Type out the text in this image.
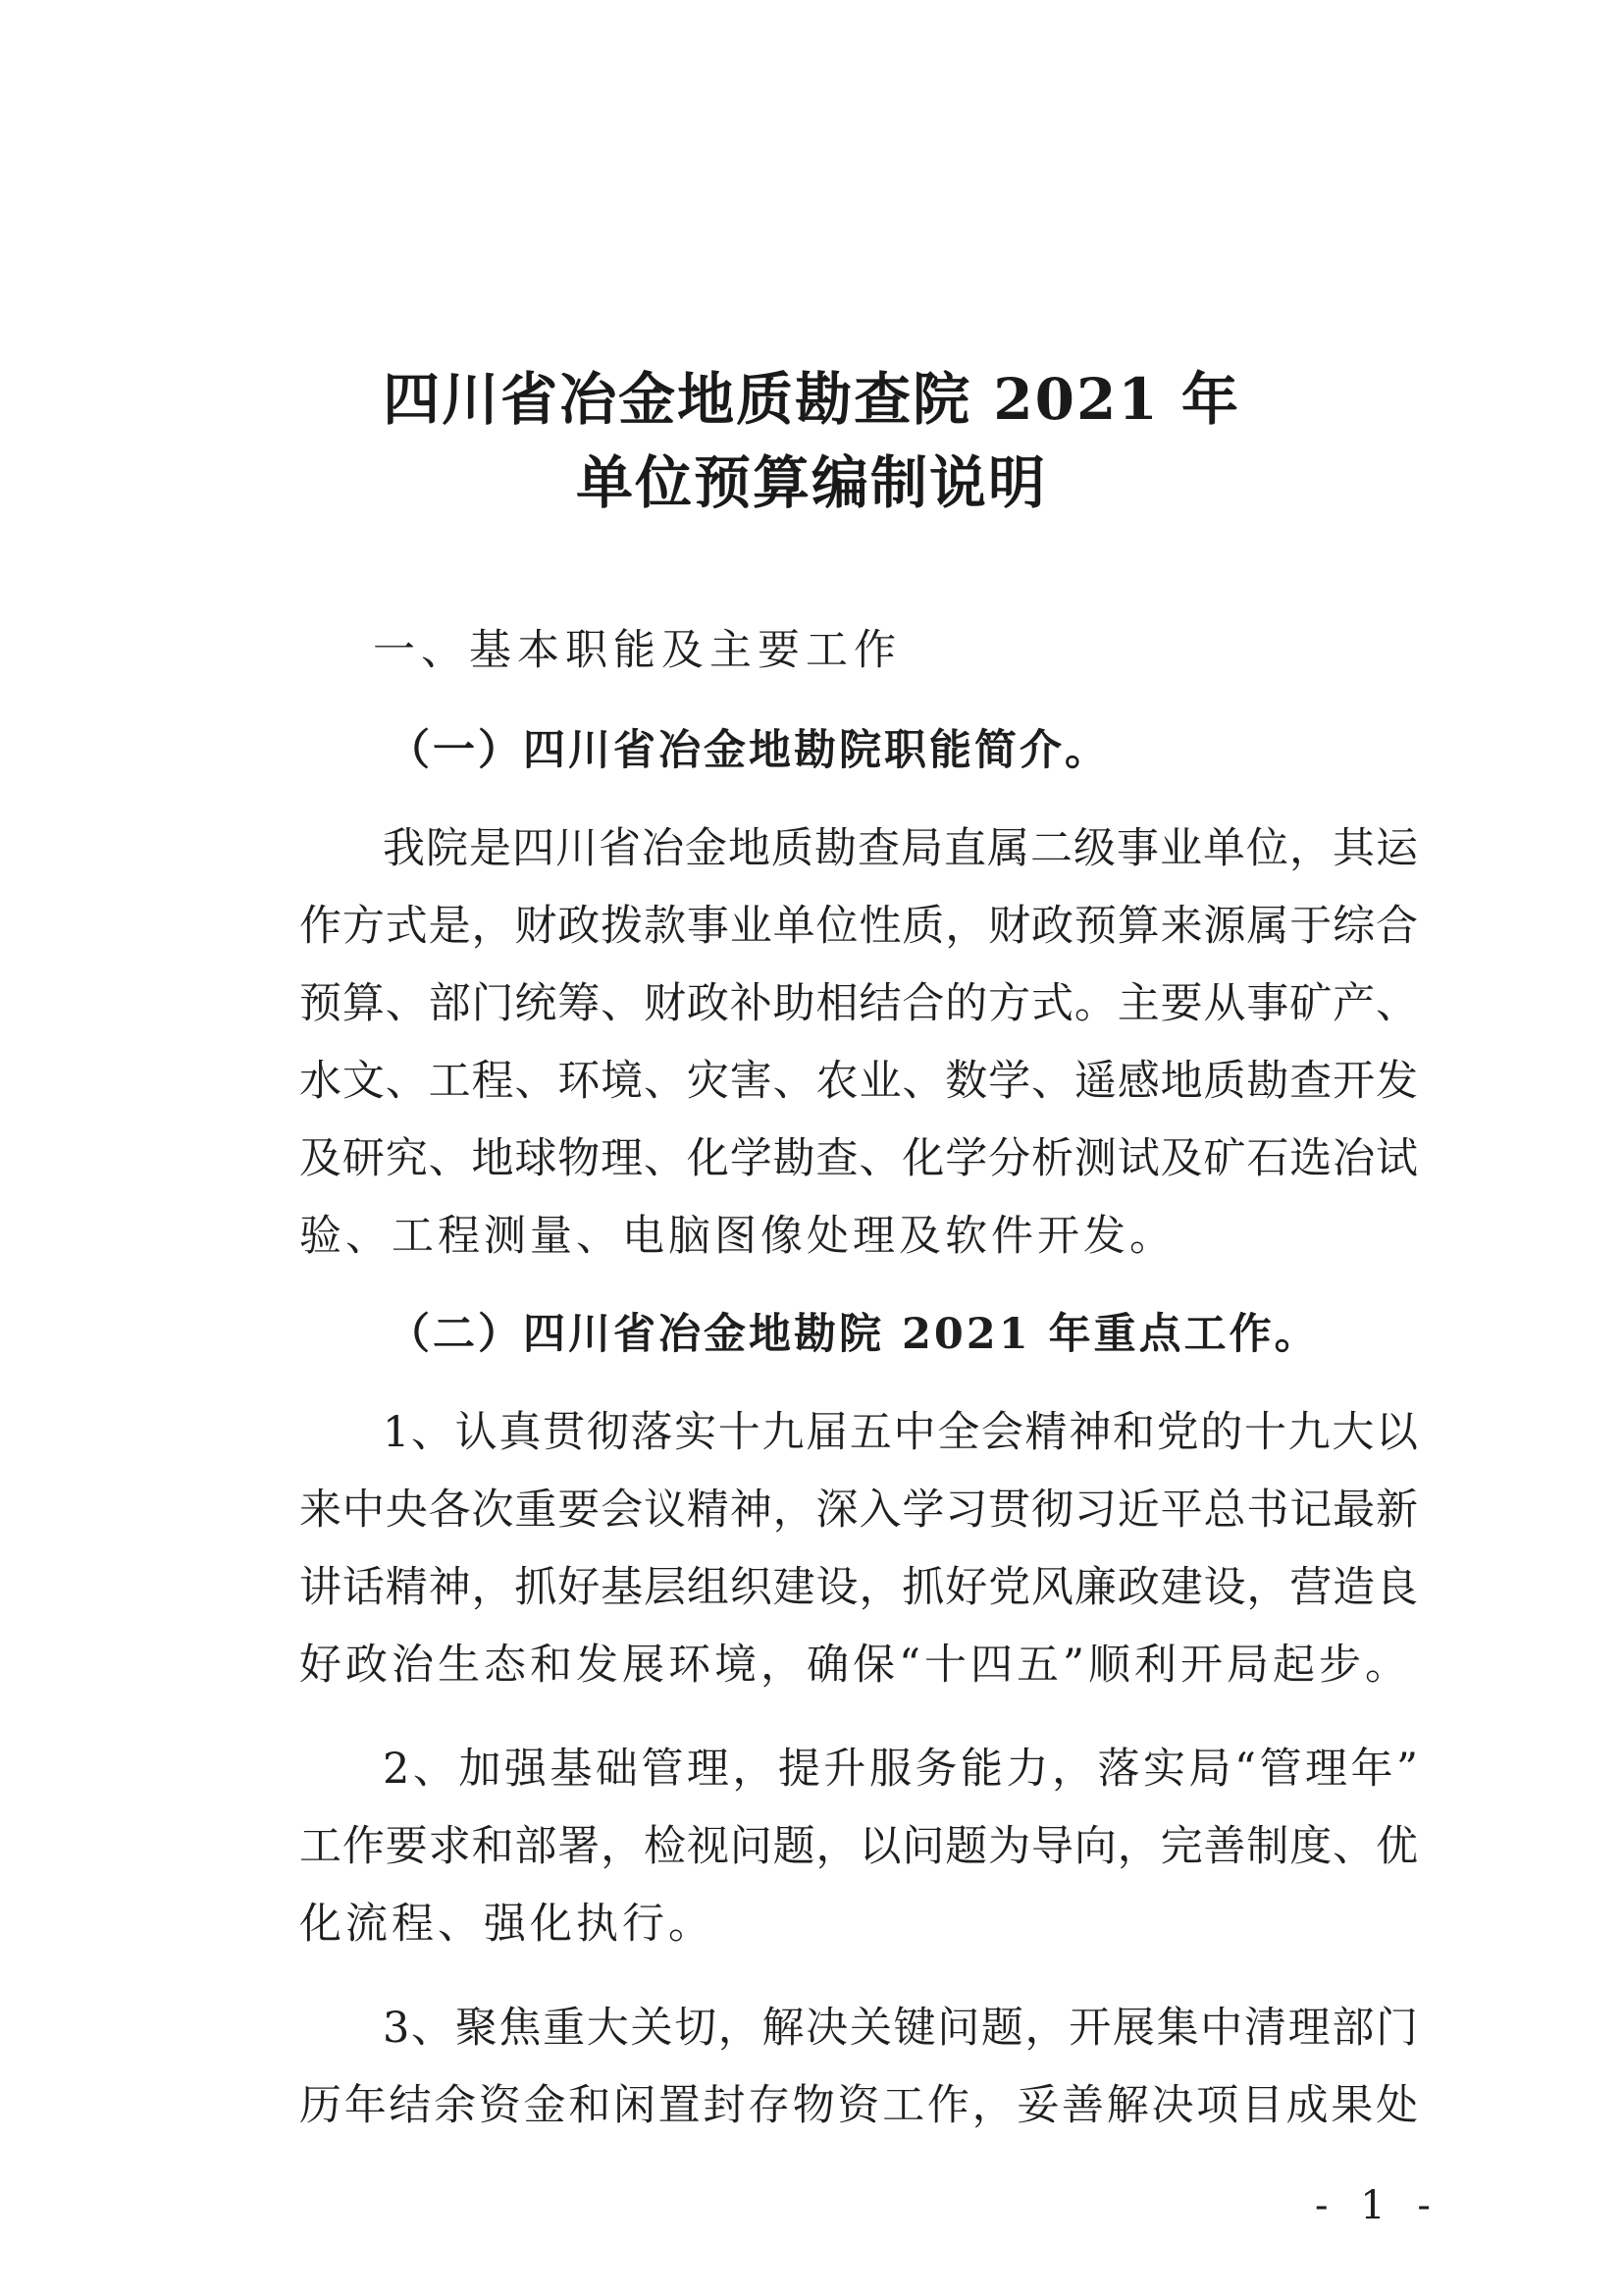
四川省冶金地质勘查院 2021 年
单位预算编制说明
一、基本职能及主要工作
（一）四川省冶金地勘院职能简介。
我院是四川省冶金地质勘查局直属二级事业单位，其运
作方式是，财政拨款事业单位性质，财政预算来源属于综合
预算、部门统筹、财政补助相结合的方式。主要从事矿产、
水文、工程、环境、灾害、农业、数学、遥感地质勘查开发
及研究、地球物理、化学勘查、化学分析测试及矿石选冶试
验、工程测量、电脑图像处理及软件开发。
（二）四川省冶金地勘院 2021 年重点工作。
1、认真贯彻落实十九届五中全会精神和党的十九大以
来中央各次重要会议精神，深入学习贯彻习近平总书记最新
讲话精神，抓好基层组织建设，抓好党风廉政建设，营造良
好政治生态和发展环境，确保“十四五”顺利开局起步。
2、加强基础管理，提升服务能力，落实局“管理年”
工作要求和部署，检视问题，以问题为导向，完善制度、优
化流程、强化执行。
3、聚焦重大关切，解决关键问题，开展集中清理部门
历年结余资金和闲置封存物资工作，妥善解决项目成果处
- 1 -
